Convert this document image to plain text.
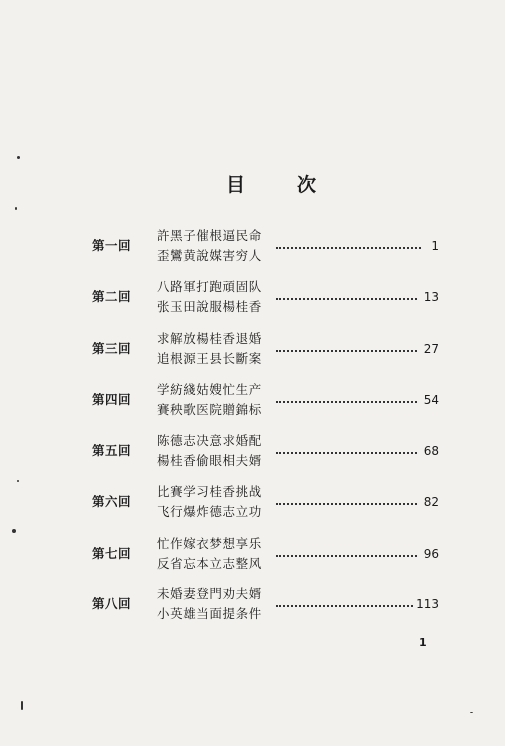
目	次
第一回
許黑子催根逼民命
歪鸞黄說媒害穷人
1
第二回
八路軍打跑頑固队
张玉田說服楊桂香
13
第三回
求解放楊桂香退婚
追根源王县长斷案
27
第四回
学紡綫姑嫂忙生产
賽秧歌医院贈錦标
54
第五回
陈德志决意求婚配
楊桂香偷眼相夫婿
68
第六回
比賽学习桂香挑战
飞行爆炸德志立功
82
第七回
忙作嫁衣梦想享乐
反省忘本立志整风
96
第八回
未婚妻登門劝夫婿
小英雄当面提条件
113
1
